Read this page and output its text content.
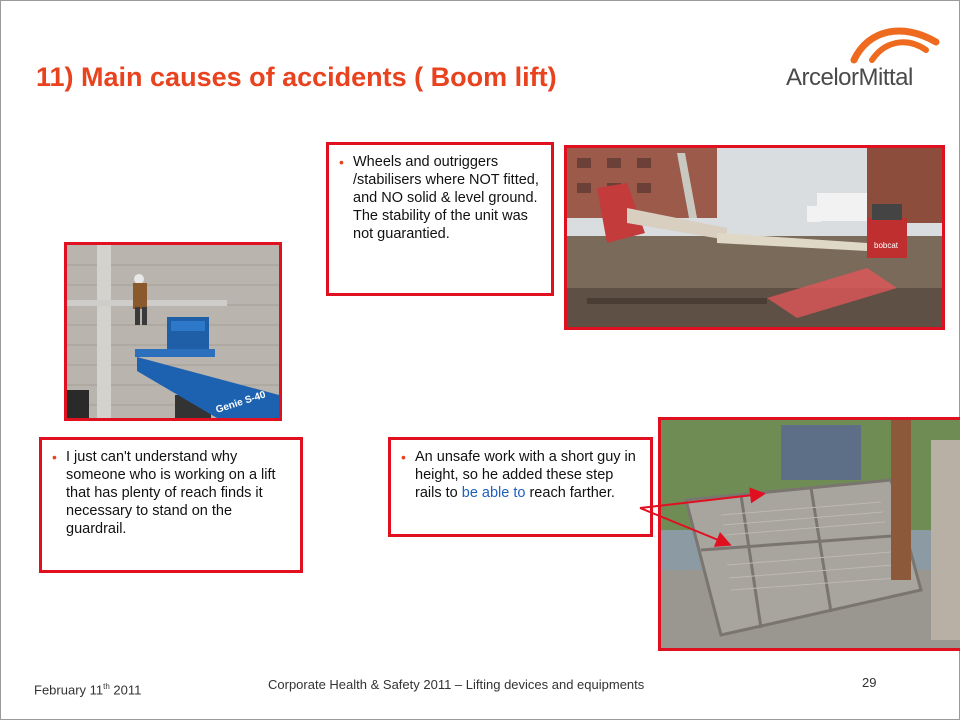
11) Main causes of accidents ( Boom lift)	ArcelorMittal
Genie S-40
bobcat
• Wheels and outriggers /stabilisers where NOT fitted, and NO solid & level ground. The stability of the unit was not guarantied.
• I just can't understand why someone who is working on a lift that has plenty of reach finds it necessary to stand on the guardrail.
• An unsafe work with a short guy in height, so he added these step rails to be able to reach farther.
February 11th 2011	Corporate Health & Safety 2011 – Lifting devices and equipments	29
